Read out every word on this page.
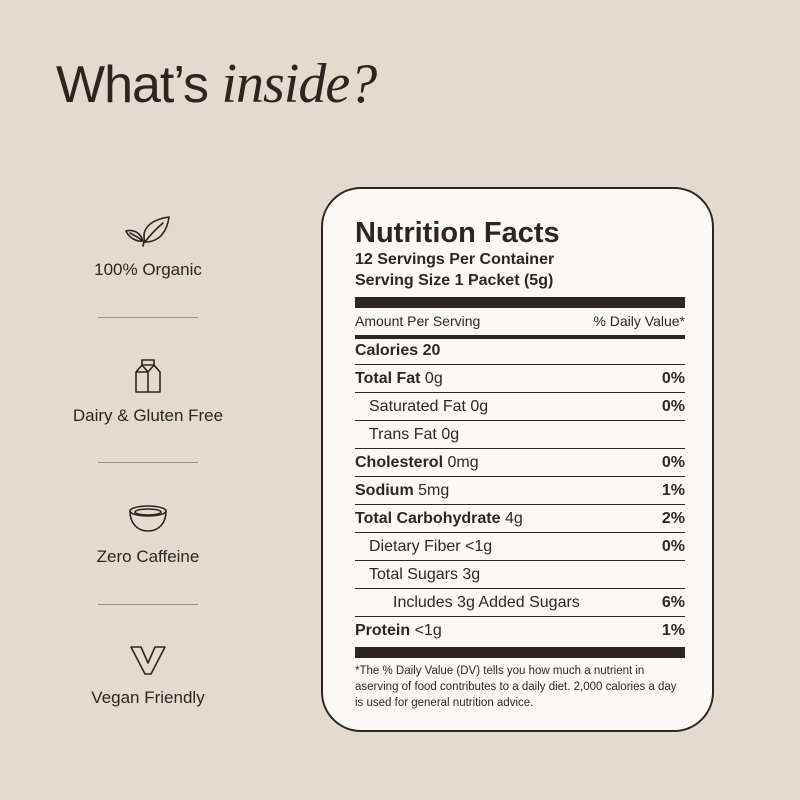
What’s inside?
100% Organic
Dairy & Gluten Free
Zero Caffeine
Vegan Friendly
Nutrition Facts
12 Servings Per Container
Serving Size 1 Packet (5g)
Amount Per Serving	% Daily Value*
Calories 20
Total Fat 0g	0%
Saturated Fat 0g	0%
Trans Fat 0g
Cholesterol 0mg	0%
Sodium 5mg	1%
Total Carbohydrate 4g	2%
Dietary Fiber <1g	0%
Total Sugars 3g
Includes 3g Added Sugars	6%
Protein <1g	1%
*The % Daily Value (DV) tells you how much a nutrient in aserving of food contributes to a daily diet. 2,000 calories a day is used for general nutrition advice.
